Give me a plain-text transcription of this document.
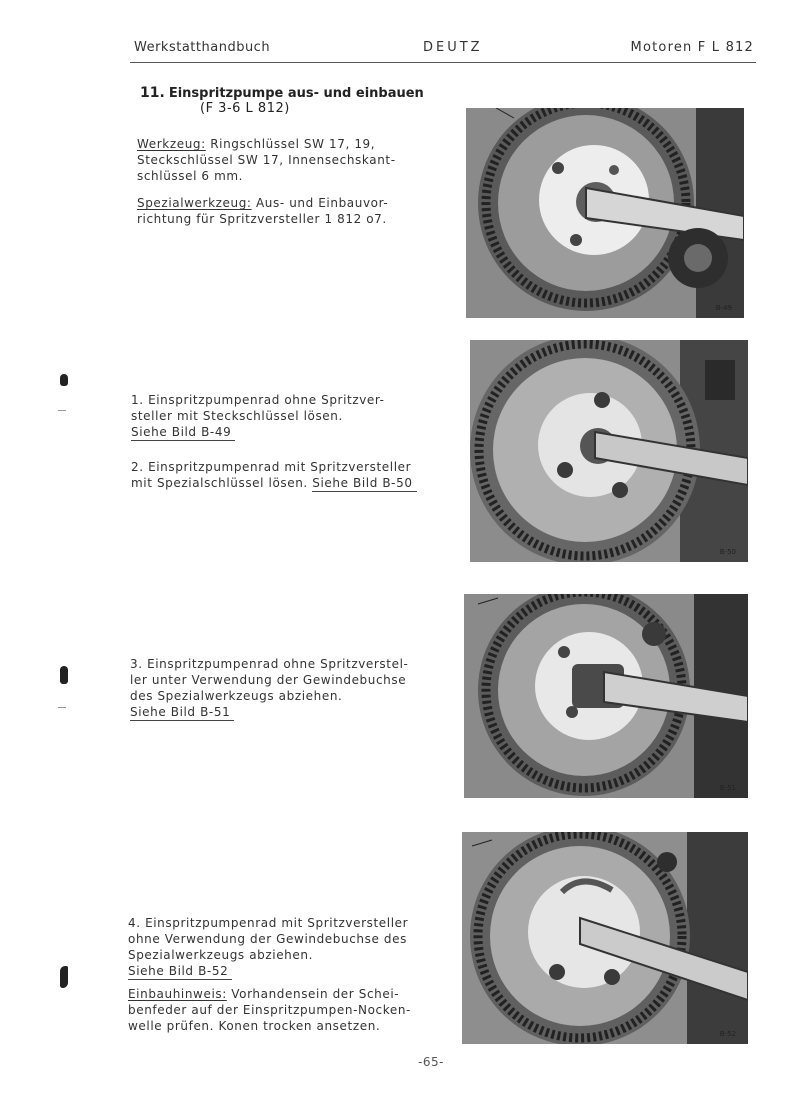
Werkstatthandbuch	DEUTZ	Motoren F L 812
11. Einspritzpumpe aus- und einbauen
(F 3-6 L 812)
Werkzeug: Ringschlüssel SW 17, 19,
Steckschlüssel SW 17, Innensechskant-
schlüssel 6 mm.
Spezialwerkzeug: Aus- und Einbauvor-
richtung für Spritzversteller 1 812 o7.
1. Einspritzpumpenrad ohne Spritzver-
steller mit Steckschlüssel lösen.
Siehe Bild B-49
2. Einspritzpumpenrad mit Spritzversteller
mit Spezialschlüssel lösen. Siehe Bild B-50
3. Einspritzpumpenrad ohne Spritzverstel-
ler unter Verwendung der Gewindebuchse
des Spezialwerkzeugs abziehen.
Siehe Bild B-51
4. Einspritzpumpenrad mit Spritzversteller
ohne Verwendung der Gewindebuchse des
Spezialwerkzeugs abziehen.
Siehe Bild B-52
Einbauhinweis: Vorhandensein der Schei-
benfeder auf der Einspritzpumpen-Nocken-
welle prüfen. Konen trocken ansetzen.
B-49
B-50
B-51
B-52
-65-
